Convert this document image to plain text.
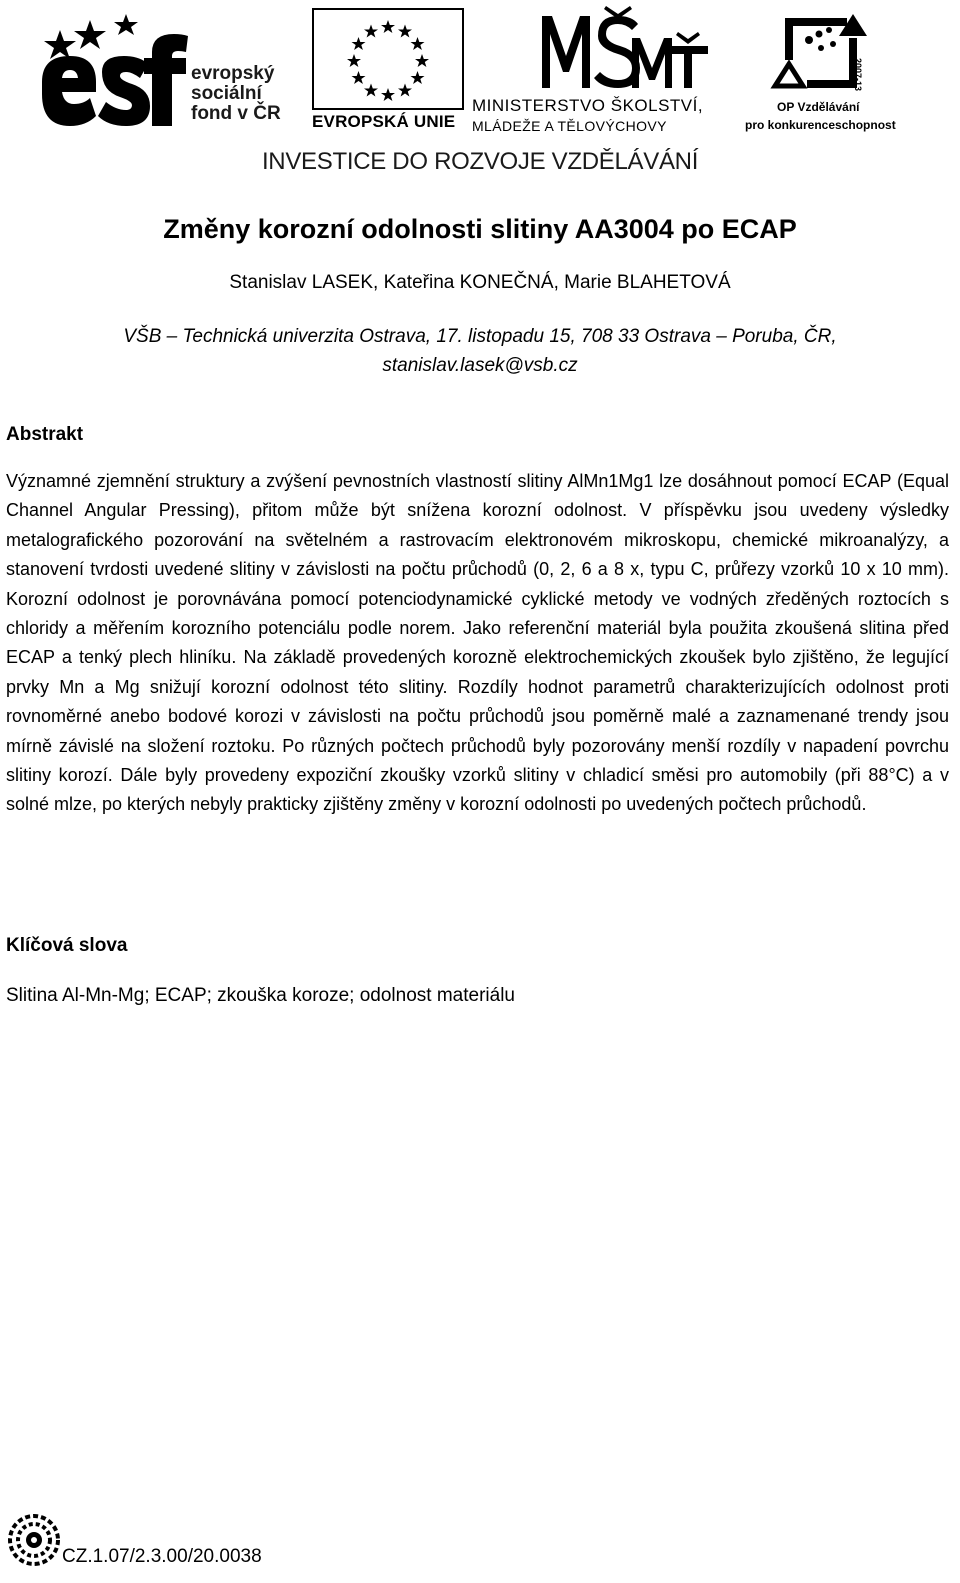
evropský
sociální
fond v ČR EVROPSKÁ UNIE
MINISTERSTVO ŠKOLSTVÍ,
MLÁDEŽE A TĚLOVÝCHOVY
2007-13
OP Vzdělávání
pro konkurenceschopnost
INVESTICE DO ROZVOJE VZDĚLÁVÁNÍ
Změny korozní odolnosti slitiny AA3004 po ECAP
Stanislav LASEK, Kateřina KONEČNÁ, Marie BLAHETOVÁ
VŠB – Technická univerzita Ostrava, 17. listopadu 15, 708 33 Ostrava – Poruba, ČR,
stanislav.lasek@vsb.cz
Abstrakt

Významné zjemnění struktury a zvýšení pevnostních vlastností slitiny AlMn1Mg1 lze dosáhnout pomocí ECAP (Equal Channel Angular Pressing), přitom může být snížena korozní odolnost. V příspěvku jsou uvedeny výsledky metalografického pozorování na světelném a rastrovacím elektronovém mikroskopu, chemické mikroanalýzy, a stanovení tvrdosti uvedené slitiny v závislosti na počtu průchodů (0, 2, 6 a 8 x, typu C, průřezy vzorků 10 x 10 mm). Korozní odolnost je porovnávána pomocí potenciodynamické cyklické metody ve vodných zředěných roztocích s chloridy a měřením korozního potenciálu podle norem. Jako referenční materiál byla použita zkoušená slitina před ECAP a tenký plech hliníku. Na základě provedených korozně elektrochemických zkoušek bylo zjištěno, že legující prvky Mn a Mg snižují korozní odolnost této slitiny. Rozdíly hodnot parametrů charakterizujících odolnost proti rovnoměrné anebo bodové korozi v závislosti na počtu průchodů jsou poměrně malé a zaznamenané trendy jsou mírně závislé na složení roztoku. Po různých počtech průchodů byly pozorovány menší rozdíly v napadení povrchu slitiny korozí. Dále byly provedeny expoziční zkoušky vzorků slitiny v chladicí směsi pro automobily (při 88°C) a v solné mlze, po kterých nebyly prakticky zjištěny změny v korozní odolnosti po uvedených počtech průchodů.

Klíčová slova
Slitina Al-Mn-Mg; ECAP; zkouška koroze; odolnost materiálu
CZ.1.07/2.3.00/20.0038
